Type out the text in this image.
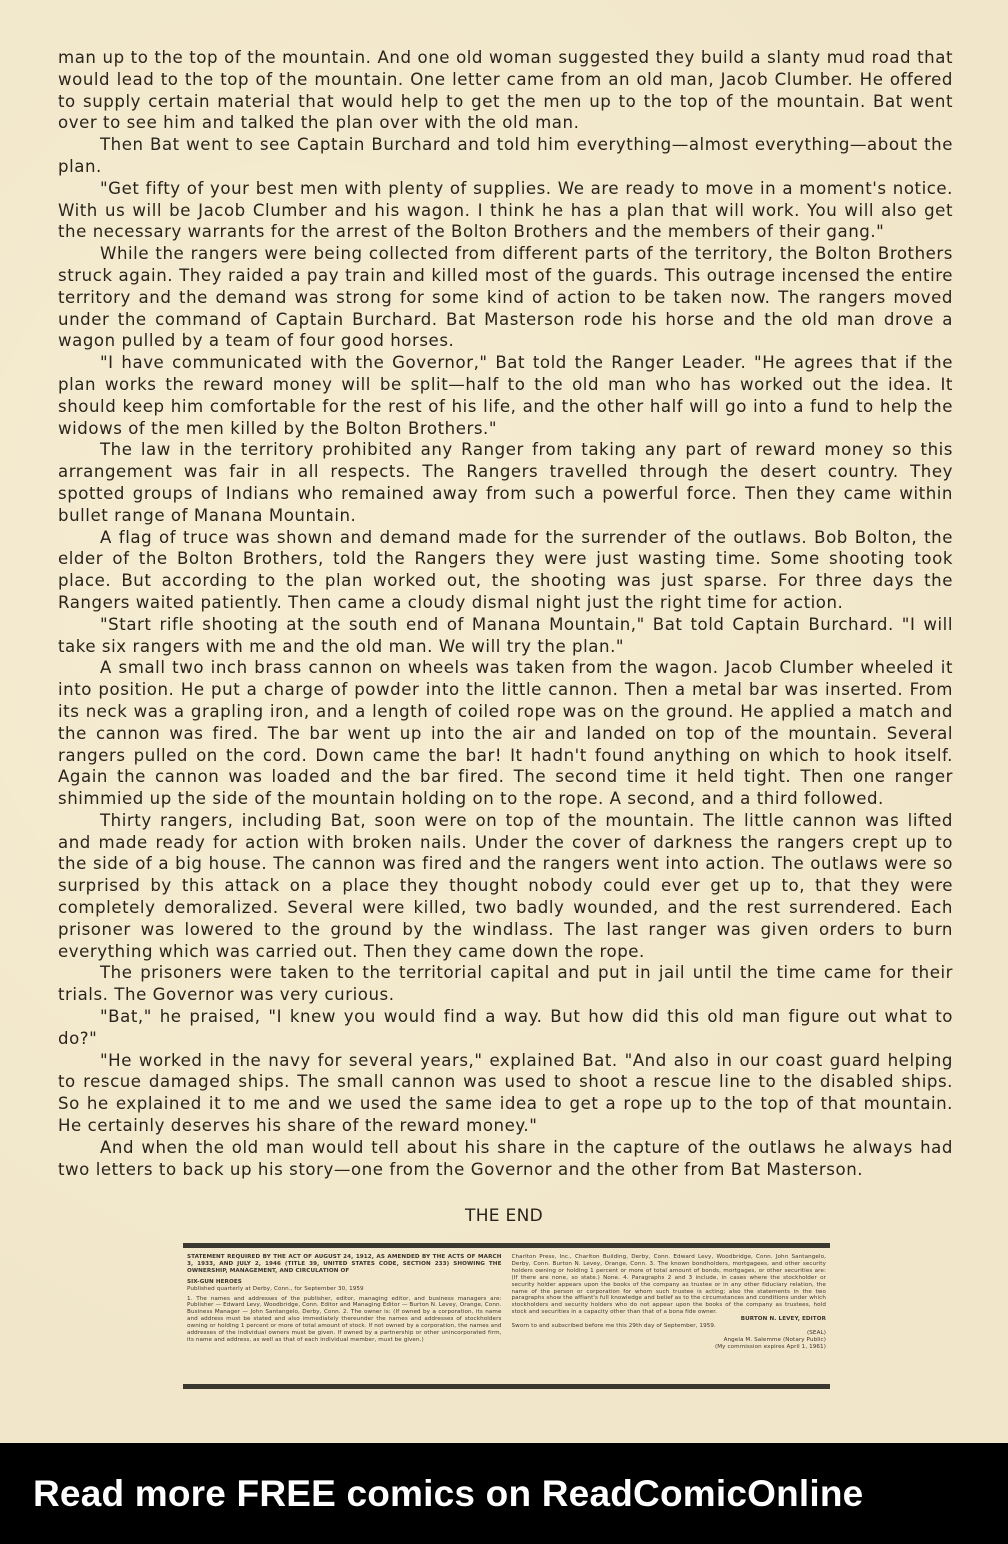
man up to the top of the mountain. And one old woman suggested they build a slanty mud road that would lead to the top of the mountain. One letter came from an old man, Jacob Clumber. He offered to supply certain material that would help to get the men up to the top of the mountain. Bat went over to see him and talked the plan over with the old man.

Then Bat went to see Captain Burchard and told him everything—almost everything—about the plan.

"Get fifty of your best men with plenty of supplies. We are ready to move in a moment's notice. With us will be Jacob Clumber and his wagon. I think he has a plan that will work. You will also get the necessary warrants for the arrest of the Bolton Brothers and the members of their gang."

While the rangers were being collected from different parts of the territory, the Bolton Brothers struck again. They raided a pay train and killed most of the guards. This outrage incensed the entire territory and the demand was strong for some kind of action to be taken now. The rangers moved under the command of Captain Burchard. Bat Masterson rode his horse and the old man drove a wagon pulled by a team of four good horses.

"I have communicated with the Governor," Bat told the Ranger Leader. "He agrees that if the plan works the reward money will be split—half to the old man who has worked out the idea. It should keep him comfortable for the rest of his life, and the other half will go into a fund to help the widows of the men killed by the Bolton Brothers."

The law in the territory prohibited any Ranger from taking any part of reward money so this arrangement was fair in all respects. The Rangers travelled through the desert country. They spotted groups of Indians who remained away from such a powerful force. Then they came within bullet range of Manana Mountain.

A flag of truce was shown and demand made for the surrender of the outlaws. Bob Bolton, the elder of the Bolton Brothers, told the Rangers they were just wasting time. Some shooting took place. But according to the plan worked out, the shooting was just sparse. For three days the Rangers waited patiently. Then came a cloudy dismal night just the right time for action.

"Start rifle shooting at the south end of Manana Mountain," Bat told Captain Burchard. "I will take six rangers with me and the old man. We will try the plan."

A small two inch brass cannon on wheels was taken from the wagon. Jacob Clumber wheeled it into position. He put a charge of powder into the little cannon. Then a metal bar was inserted. From its neck was a grapling iron, and a length of coiled rope was on the ground. He applied a match and the cannon was fired. The bar went up into the air and landed on top of the mountain. Several rangers pulled on the cord. Down came the bar! It hadn't found anything on which to hook itself. Again the cannon was loaded and the bar fired. The second time it held tight. Then one ranger shimmied up the side of the mountain holding on to the rope. A second, and a third followed.

Thirty rangers, including Bat, soon were on top of the mountain. The little cannon was lifted and made ready for action with broken nails. Under the cover of darkness the rangers crept up to the side of a big house. The cannon was fired and the rangers went into action. The outlaws were so surprised by this attack on a place they thought nobody could ever get up to, that they were completely demoralized. Several were killed, two badly wounded, and the rest surrendered. Each prisoner was lowered to the ground by the windlass. The last ranger was given orders to burn everything which was carried out. Then they came down the rope.

The prisoners were taken to the territorial capital and put in jail until the time came for their trials. The Governor was very curious.

"Bat," he praised, "I knew you would find a way. But how did this old man figure out what to do?"

"He worked in the navy for several years," explained Bat. "And also in our coast guard helping to rescue damaged ships. The small cannon was used to shoot a rescue line to the disabled ships. So he explained it to me and we used the same idea to get a rope up to the top of that mountain. He certainly deserves his share of the reward money."

And when the old man would tell about his share in the capture of the outlaws he always had two letters to back up his story—one from the Governor and the other from Bat Masterson.

THE END
STATEMENT REQUIRED BY THE ACT OF AUGUST 24, 1912, AS AMENDED BY THE ACTS OF MARCH 3, 1933, AND JULY 2, 1946 (TITLE 39, UNITED STATES CODE, SECTION 233) SHOWING THE OWNERSHIP, MANAGEMENT, AND CIRCULATION OF
SIX-GUN HEROES
Published quarterly at Derby, Conn., for September 30, 1959
1. The names and addresses of the publisher, editor, managing editor, and business managers are: Publisher — Edward Levy, Woodbridge, Conn. Editor and Managing Editor — Burton N. Levey, Orange, Conn. Business Manager — John Santangelo, Derby, Conn. 2. The owner is: (If owned by a corporation, its name and address must be stated and also immediately thereunder the names and addresses of stockholders owning or holding 1 percent or more of total amount of stock. If not owned by a corporation, the names and addresses of the individual owners must be given. If owned by a partnership or other unincorporated firm, its name and address, as well as that of each individual member, must be given.)
Charlton Press, Inc., Charlton Building, Derby, Conn. Edward Levy, Woodbridge, Conn. John Santangelo, Derby, Conn. Burton N. Levey, Orange, Conn. 3. The known bondholders, mortgagees, and other security holders owning or holding 1 percent or more of total amount of bonds, mortgages, or other securities are: (If there are none, so state.) None. 4. Paragraphs 2 and 3 include, in cases where the stockholder or security holder appears upon the books of the company as trustee or in any other fiduciary relation, the name of the person or corporation for whom such trustee is acting; also the statements in the two paragraphs show the affiant's full knowledge and belief as to the circumstances and conditions under which stockholders and security holders who do not appear upon the books of the company as trustees, hold stock and securities in a capacity other than that of a bona fide owner.
BURTON N. LEVEY, EDITOR
Sworn to and subscribed before me this 29th day of September, 1959.
(SEAL)
Angela M. Salemme (Notary Public)
(My commission expires April 1, 1961)
Read more FREE comics on ReadComicOnline
